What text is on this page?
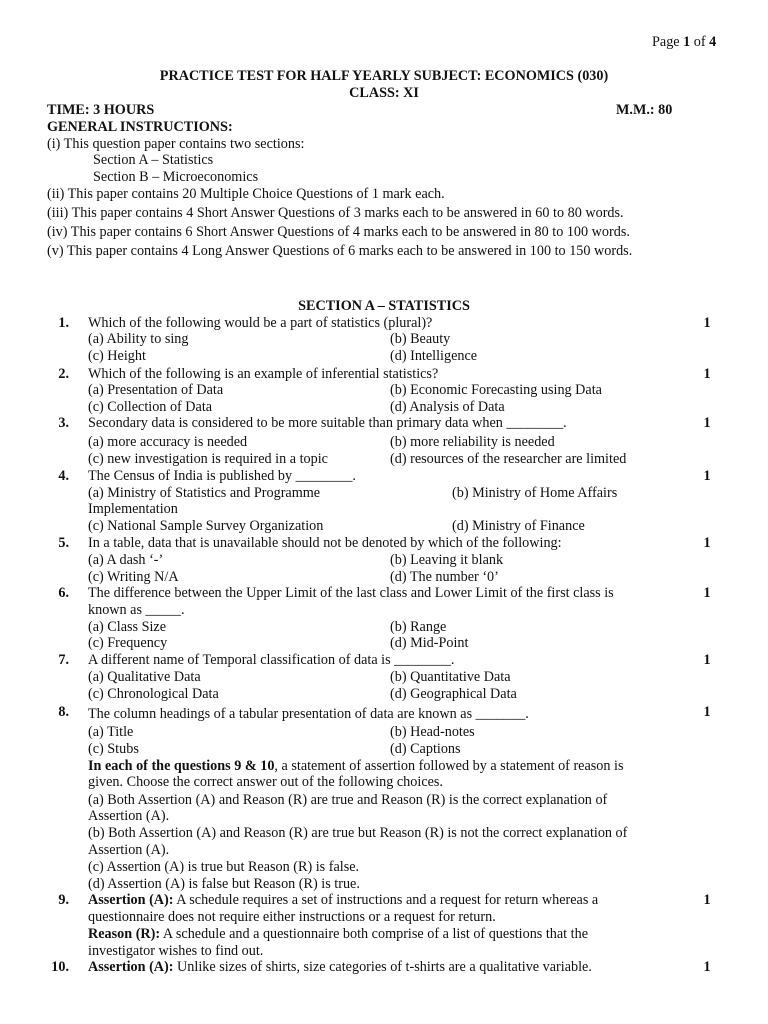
Page 1 of 4
PRACTICE TEST FOR HALF YEARLY SUBJECT: ECONOMICS (030)
CLASS: XI
TIME: 3 HOURS	M.M.: 80
GENERAL INSTRUCTIONS:
(i) This question paper contains two sections:
Section A – Statistics
Section B – Microeconomics
(ii) This paper contains 20 Multiple Choice Questions of 1 mark each.
(iii) This paper contains 4 Short Answer Questions of 3 marks each to be answered in 60 to 80 words.
(iv) This paper contains 6 Short Answer Questions of 4 marks each to be answered in 80 to 100 words.
(v) This paper contains 4 Long Answer Questions of 6 marks each to be answered in 100 to 150 words.
SECTION A – STATISTICS
1. Which of the following would be a part of statistics (plural)?	1
(a) Ability to sing	(b) Beauty
(c) Height	(d) Intelligence
2. Which of the following is an example of inferential statistics?	1
(a) Presentation of Data	(b) Economic Forecasting using Data
(c) Collection of Data	(d) Analysis of Data
3. Secondary data is considered to be more suitable than primary data when ________.	1
(a) more accuracy is needed	(b) more reliability is needed
(c) new investigation is required in a topic	(d) resources of the researcher are limited
4. The Census of India is published by ________.	1
(a) Ministry of Statistics and Programme
Implementation
(b) Ministry of Home Affairs
(c) National Sample Survey Organization	(d) Ministry of Finance
5. In a table, data that is unavailable should not be denoted by which of the following:	1
(a) A dash ‘-’	(b) Leaving it blank
(c) Writing N/A	(d) The number ‘0’
6. The difference between the Upper Limit of the last class and Lower Limit of the first class is
known as _____.
1
(a) Class Size	(b) Range
(c) Frequency	(d) Mid-Point
7. A different name of Temporal classification of data is ________.	1
(a) Qualitative Data	(b) Quantitative Data
(c) Chronological Data	(d) Geographical Data
8. The column headings of a tabular presentation of data are known as _______.	1
(a) Title	(b) Head-notes
(c) Stubs	(d) Captions
In each of the questions 9 & 10, a statement of assertion followed by a statement of reason is
given. Choose the correct answer out of the following choices.
(a) Both Assertion (A) and Reason (R) are true and Reason (R) is the correct explanation of
Assertion (A).
(b) Both Assertion (A) and Reason (R) are true but Reason (R) is not the correct explanation of
Assertion (A).
(c) Assertion (A) is true but Reason (R) is false.
(d) Assertion (A) is false but Reason (R) is true.
9.	1
Assertion (A): A schedule requires a set of instructions and a request for return whereas a
questionnaire does not require either instructions or a request for return.
Reason (R): A schedule and a questionnaire both comprise of a list of questions that the
investigator wishes to find out.
10.	1
Assertion (A): Unlike sizes of shirts, size categories of t-shirts are a qualitative variable.
